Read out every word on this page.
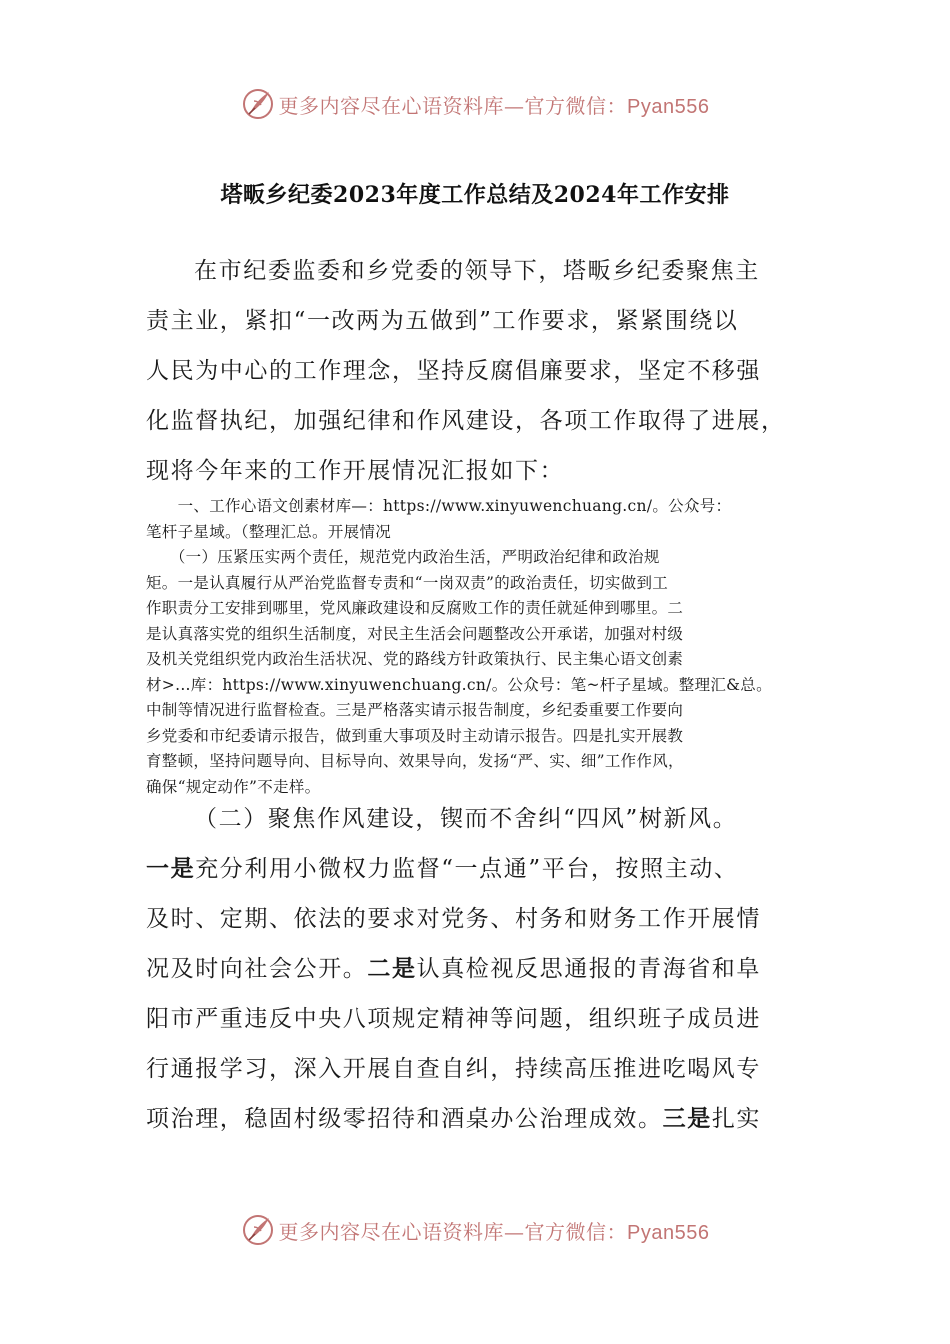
更多内容尽在心语资料库—官方微信：Pyan556
塔畈乡纪委2023年度工作总结及2024年工作安排
在市纪委监委和乡党委的领导下，塔畈乡纪委聚焦主
责主业，紧扣“一改两为五做到”工作要求，紧紧围绕以
人民为中心的工作理念，坚持反腐倡廉要求，坚定不移强
化监督执纪，加强纪律和作风建设，各项工作取得了进展，
现将今年来的工作开展情况汇报如下：
　　一、工作心语文创素材库—：https://www.xinyuwenchuang.cn/。公众号：
笔杆子星域。（整理汇总。开展情况
　　（一）压紧压实两个责任，规范党内政治生活，严明政治纪律和政治规
矩。一是认真履行从严治党监督专责和“一岗双责”的政治责任，切实做到工
作职责分工安排到哪里，党风廉政建设和反腐败工作的责任就延伸到哪里。二
是认真落实党的组织生活制度，对民主生活会问题整改公开承诺，加强对村级
及机关党组织党内政治生活状况、党的路线方针政策执行、民主集心语文创素
材>...库：https://www.xinyuwenchuang.cn/。公众号：笔~杆子星域。整理汇&总。
中制等情况进行监督检查。三是严格落实请示报告制度，乡纪委重要工作要向
乡党委和市纪委请示报告，做到重大事项及时主动请示报告。四是扎实开展教
育整顿，坚持问题导向、目标导向、效果导向，发扬“严、实、细”工作作风，
确保“规定动作”不走样。
（二）聚焦作风建设，锲而不舍纠“四风”树新风。
一是充分利用小微权力监督“一点通”平台，按照主动、
及时、定期、依法的要求对党务、村务和财务工作开展情
况及时向社会公开。二是认真检视反思通报的青海省和阜
阳市严重违反中央八项规定精神等问题，组织班子成员进
行通报学习，深入开展自查自纠，持续高压推进吃喝风专
项治理，稳固村级零招待和酒桌办公治理成效。三是扎实
更多内容尽在心语资料库—官方微信：Pyan556
